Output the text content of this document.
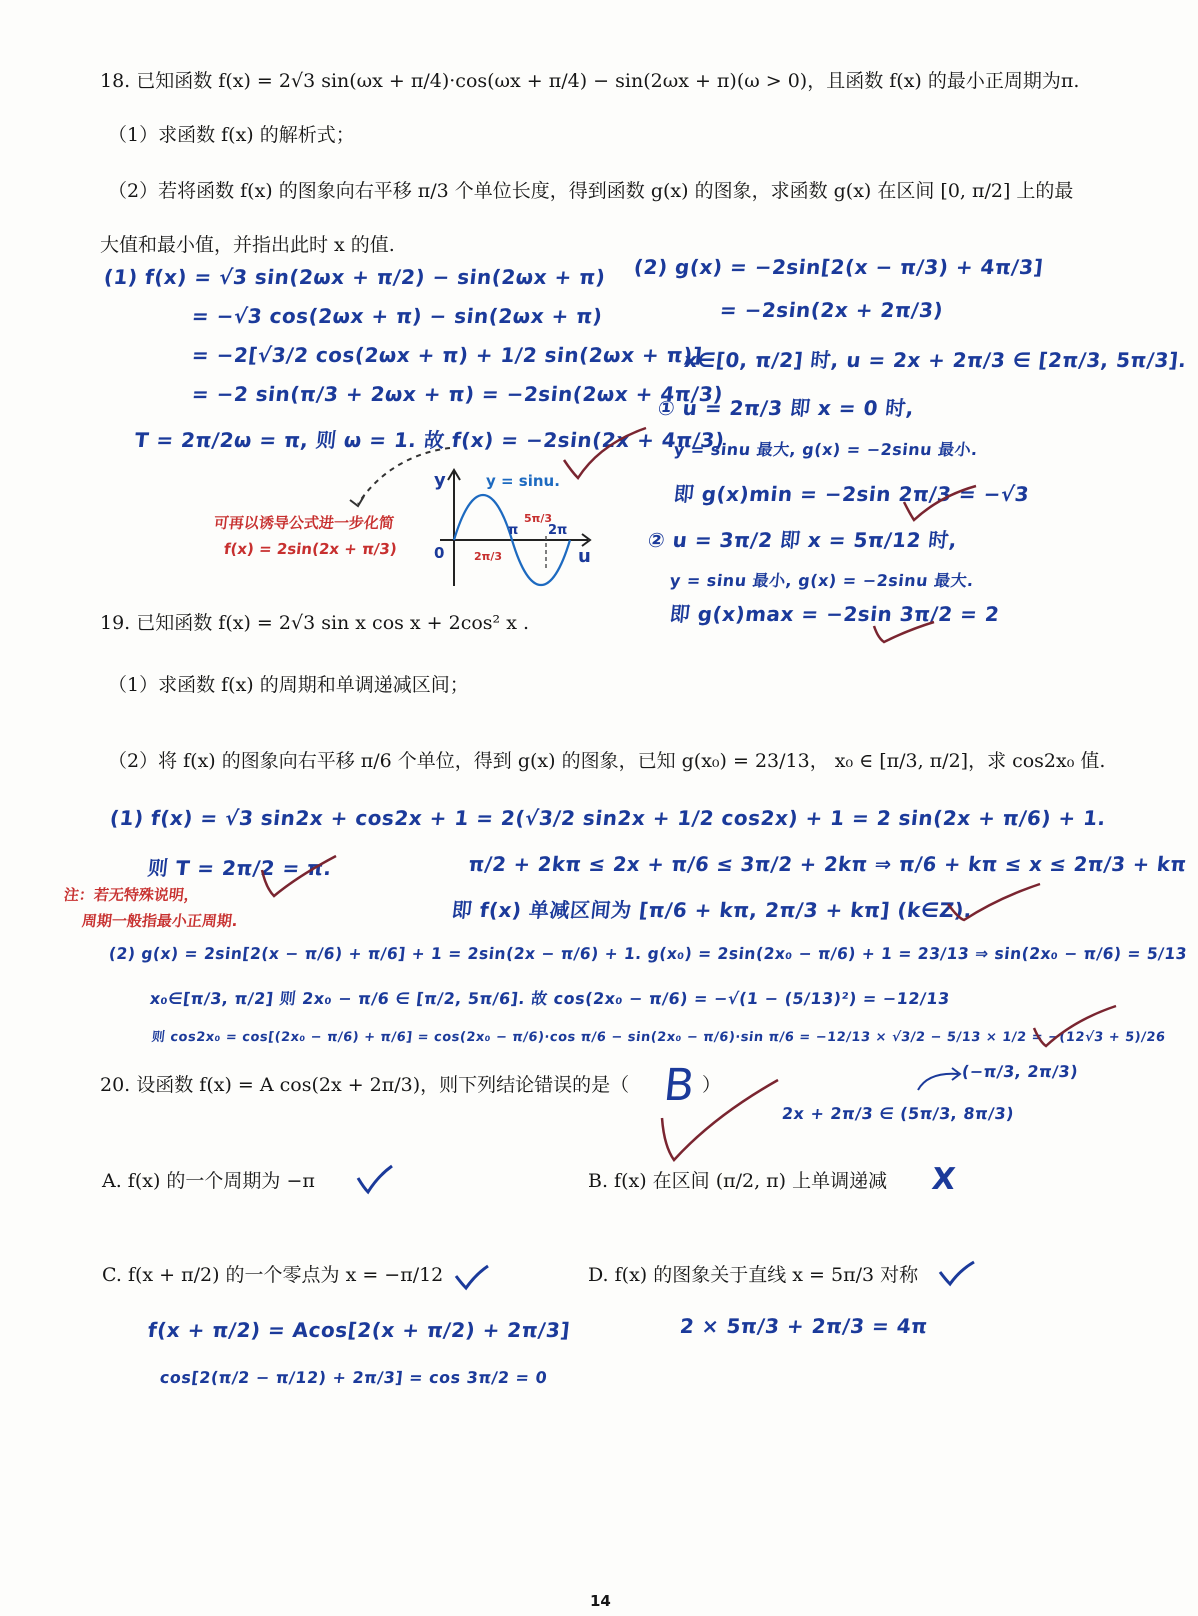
18. 已知函数 f(x) = 2√3 sin(ωx + π/4)·cos(ωx + π/4) − sin(2ωx + π)(ω > 0)，且函数 f(x) 的最小正周期为π.
（1）求函数 f(x) 的解析式；
（2）若将函数 f(x) 的图象向右平移 π/3 个单位长度，得到函数 g(x) 的图象，求函数 g(x) 在区间 [0, π/2] 上的最
大值和最小值，并指出此时 x 的值.
(1) f(x) = √3 sin(2ωx + π/2) − sin(2ωx + π)
= −√3 cos(2ωx + π) − sin(2ωx + π)
= −2[√3/2 cos(2ωx + π) + 1/2 sin(2ωx + π)]
= −2 sin(π/3 + 2ωx + π) = −2sin(2ωx + 4π/3)
T = 2π/2ω = π, 则 ω = 1. 故 f(x) = −2sin(2x + 4π/3)
可再以诱导公式进一步化简
f(x) = 2sin(2x + π/3)
y
u
y = sinu.
0
π 2π
2π/3
5π/3
(2) g(x) = −2sin[2(x − π/3) + 4π/3]
= −2sin(2x + 2π/3)
x∈[0, π/2] 时, u = 2x + 2π/3 ∈ [2π/3, 5π/3].
① u = 2π/3 即 x = 0 时,
y = sinu 最大, g(x) = −2sinu 最小.
即 g(x)min = −2sin 2π/3 = −√3
② u = 3π/2 即 x = 5π/12 时,
y = sinu 最小, g(x) = −2sinu 最大.
即 g(x)max = −2sin 3π/2 = 2
19. 已知函数 f(x) = 2√3 sin x cos x + 2cos² x .
（1）求函数 f(x) 的周期和单调递减区间；
（2）将 f(x) 的图象向右平移 π/6 个单位，得到 g(x) 的图象，已知 g(x₀) = 23/13， x₀ ∈ [π/3, π/2]，求 cos2x₀ 值.
(1) f(x) = √3 sin2x + cos2x + 1 = 2(√3/2 sin2x + 1/2 cos2x) + 1 = 2 sin(2x + π/6) + 1.
则 T = 2π/2 = π.	π/2 + 2kπ ≤ 2x + π/6 ≤ 3π/2 + 2kπ ⇒ π/6 + kπ ≤ x ≤ 2π/3 + kπ
即 f(x) 单减区间为 [π/6 + kπ, 2π/3 + kπ] (k∈Z).
(2) g(x) = 2sin[2(x − π/6) + π/6] + 1 = 2sin(2x − π/6) + 1. g(x₀) = 2sin(2x₀ − π/6) + 1 = 23/13 ⇒ sin(2x₀ − π/6) = 5/13
x₀∈[π/3, π/2] 则 2x₀ − π/6 ∈ [π/2, 5π/6]. 故 cos(2x₀ − π/6) = −√(1 − (5/13)²) = −12/13
则 cos2x₀ = cos[(2x₀ − π/6) + π/6] = cos(2x₀ − π/6)·cos π/6 − sin(2x₀ − π/6)·sin π/6 = −12/13 × √3/2 − 5/13 × 1/2 = −(12√3 + 5)/26
注：若无特殊说明，
周期一般指最小正周期.
20. 设函数 f(x) = A cos(2x + 2π/3)，则下列结论错误的是（ B ）
(−π/3, 2π/3)
2x + 2π/3 ∈ (5π/3, 8π/3)
A. f(x) 的一个周期为 −π	B. f(x) 在区间 (π/2, π) 上单调递减 X
C. f(x + π/2) 的一个零点为 x = −π/12	D. f(x) 的图象关于直线 x = 5π/3 对称
f(x + π/2) = Acos[2(x + π/2) + 2π/3]
cos[2(π/2 − π/12) + 2π/3] = cos 3π/2 = 0
2 × 5π/3 + 2π/3 = 4π
14
